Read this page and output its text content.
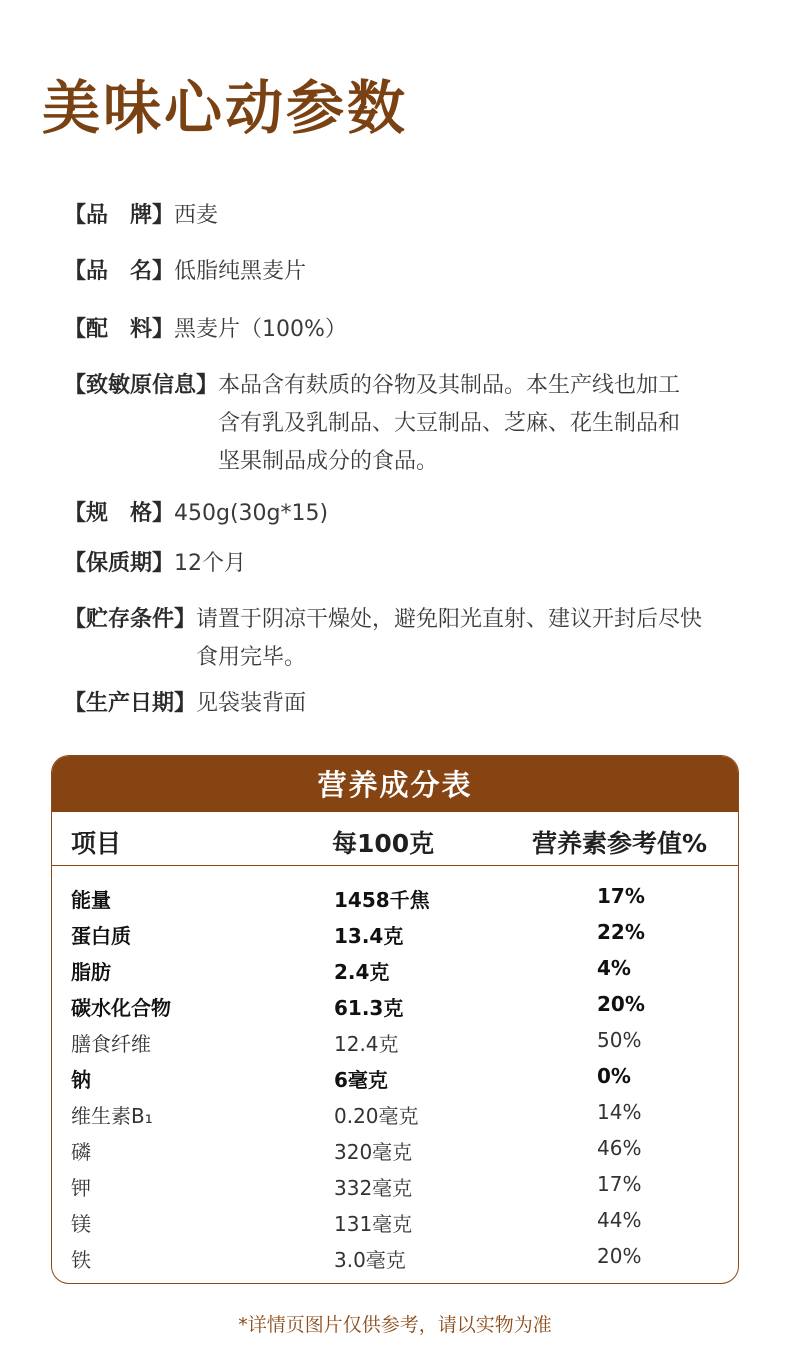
美味心动参数
【品　牌】 西麦
【品　名】 低脂纯黑麦片
【配　料】 黑麦片（100%）
【致敏原信息】 本品含有麸质的谷物及其制品。本生产线也加工含有乳及乳制品、大豆制品、芝麻、花生制品和坚果制品成分的食品。
【规　格】 450g(30g*15)
【保质期】 12个月
【贮存条件】 请置于阴凉干燥处，避免阳光直射、建议开封后尽快食用完毕。
【生产日期】 见袋装背面
营养成分表
项目	每100克	营养素参考值%
能量	1458千焦	17%
蛋白质	13.4克	22%
脂肪	2.4克	4%
碳水化合物	61.3克	20%
膳食纤维	12.4克	50%
钠	6毫克	0%
维生素B₁	0.20毫克	14%
磷	320毫克	46%
钾	332毫克	17%
镁	131毫克	44%
铁	3.0毫克	20%
*详情页图片仅供参考，请以实物为准
